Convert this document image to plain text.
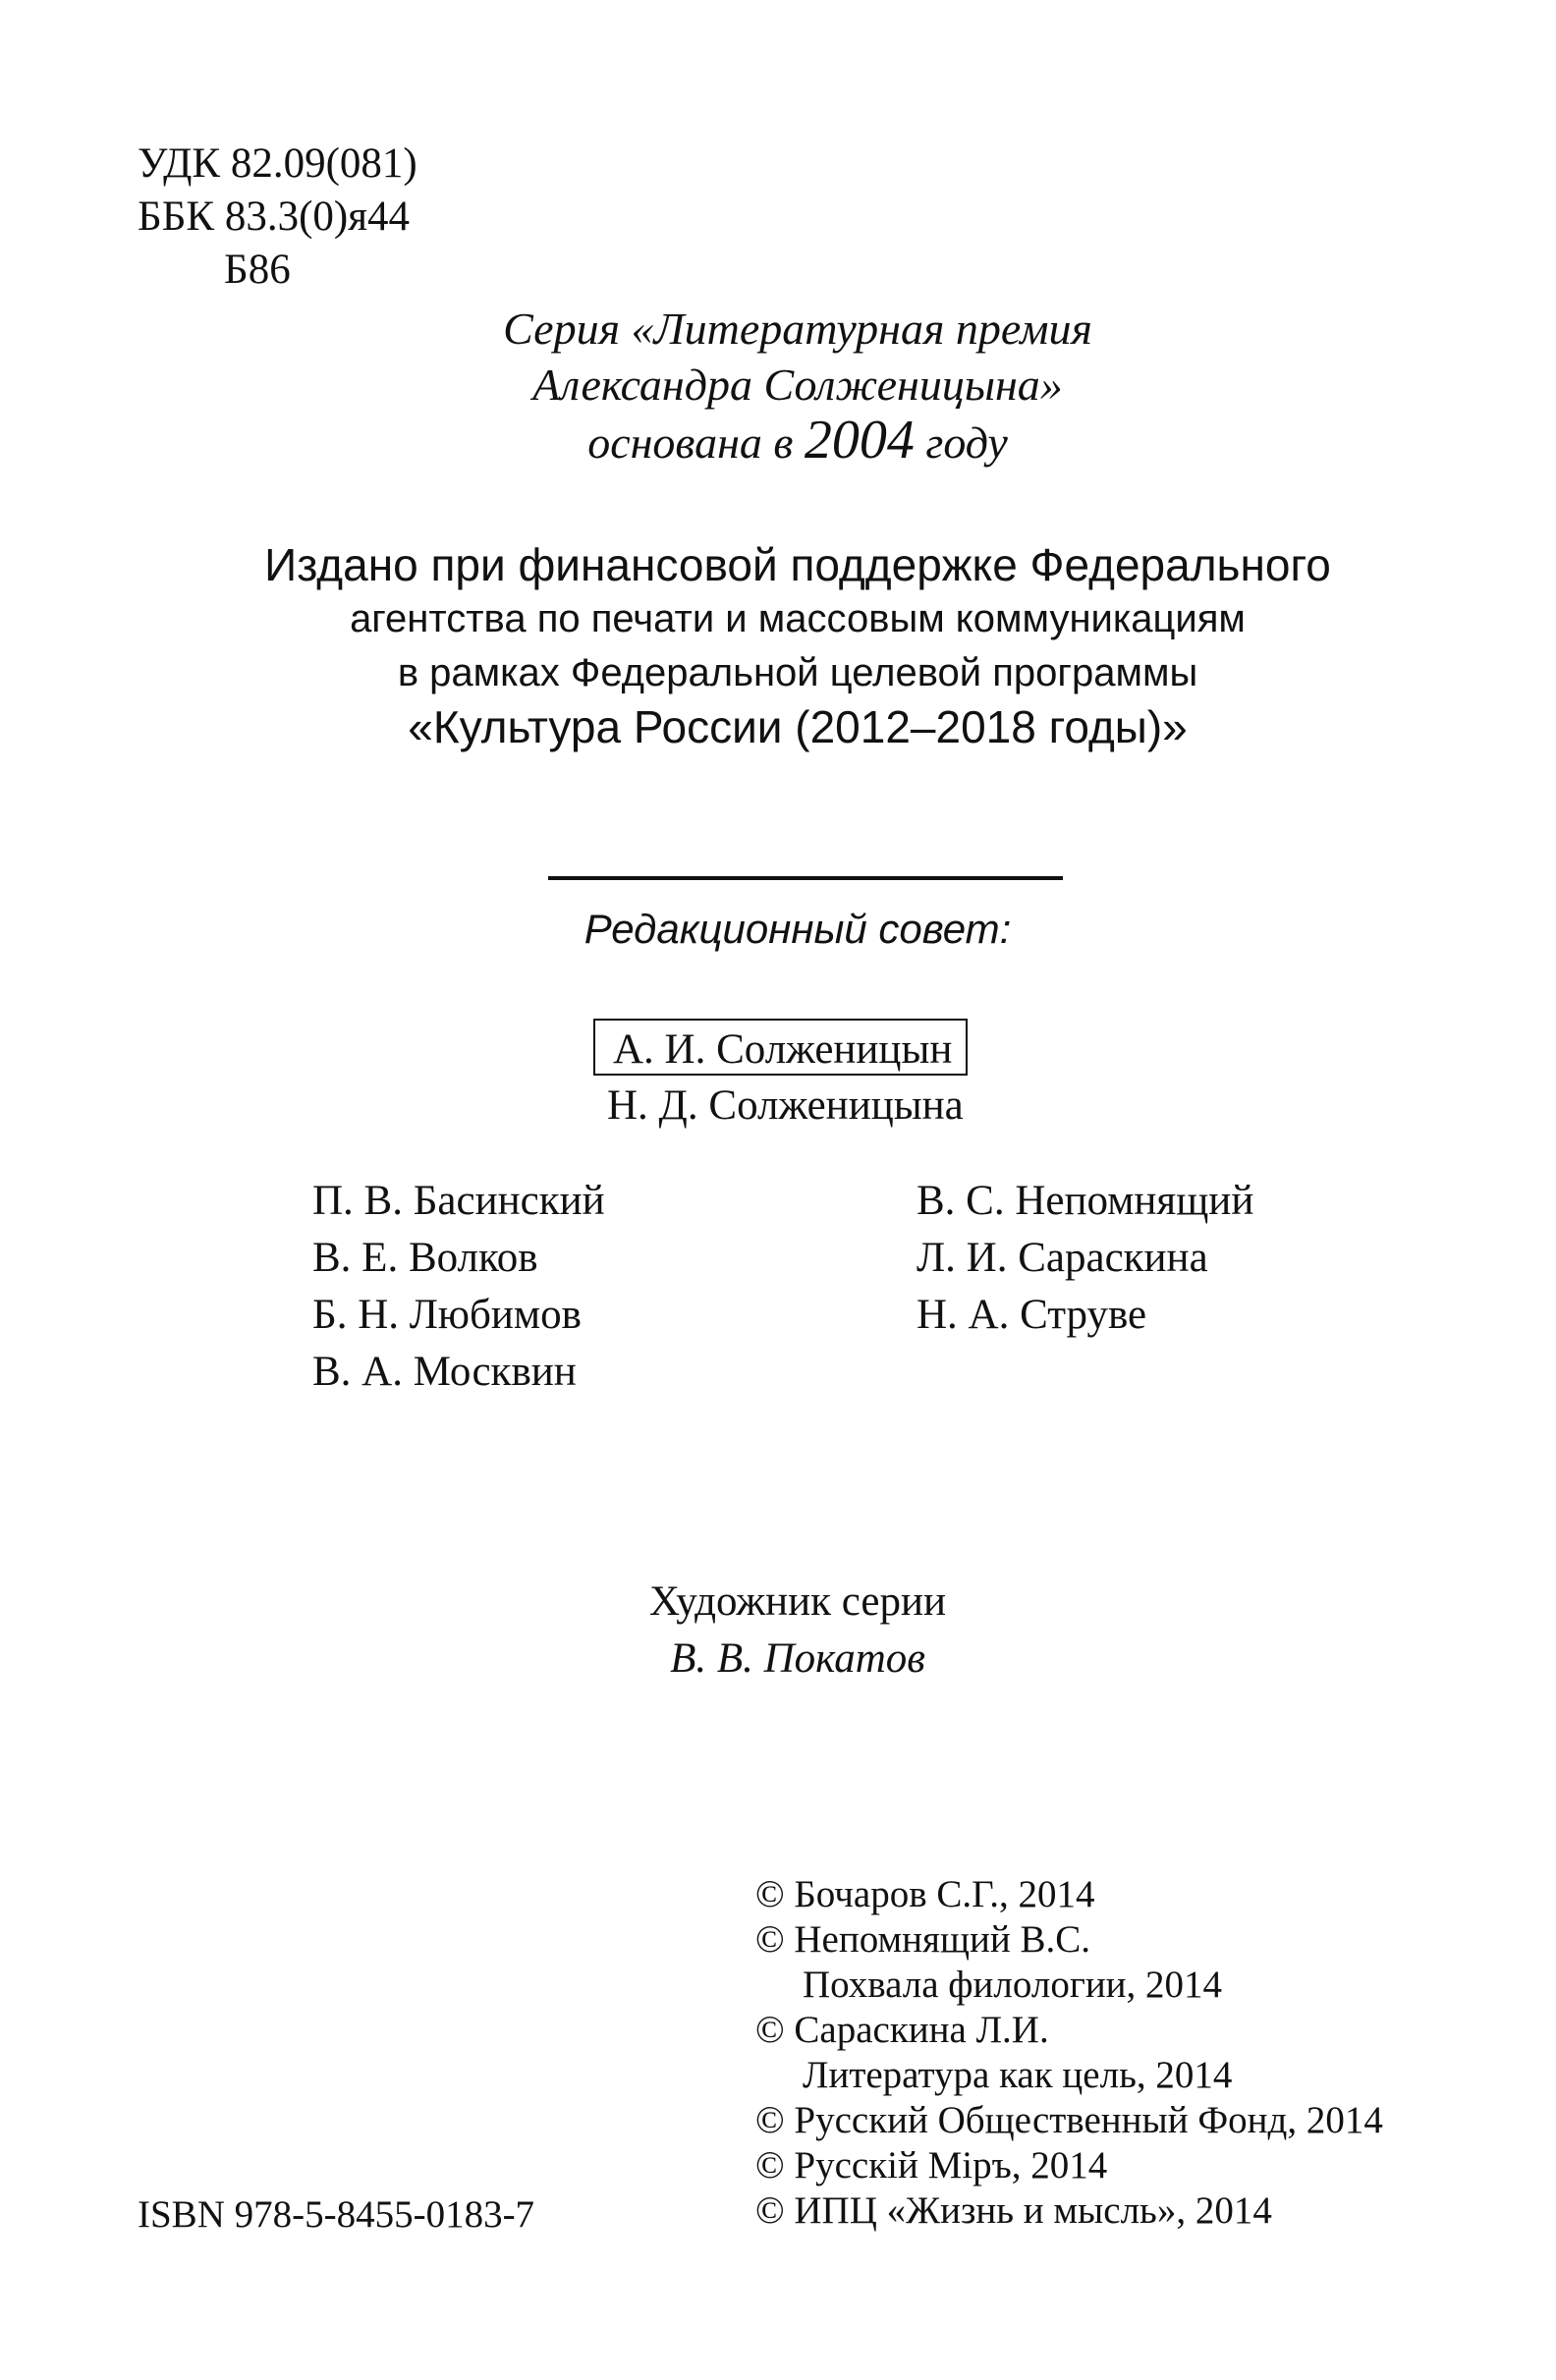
УДК 82.09(081)
ББК 83.3(0)я44
Б86
Серия «Литературная премия
Александра Солженицына»
основана в 2004 году
Издано при финансовой поддержке Федерального
агентства по печати и массовым коммуникациям
в рамках Федеральной целевой программы
«Культура России (2012–2018 годы)»
Редакционный совет:
А. И. Солженицын
Н. Д. Солженицына
П. В. Басинский
В. Е. Волков
Б. Н. Любимов
В. А. Москвин
В. С. Непомнящий
Л. И. Сараскина
Н. А. Струве
Художник серии
В. В. Покатов
© Бочаров С.Г., 2014
© Непомнящий В.С.
Похвала филологии, 2014
© Сараскина Л.И.
Литература как цель, 2014
© Русский Общественный Фонд, 2014
© Русскiй Мiръ, 2014
© ИПЦ «Жизнь и мысль», 2014
ISBN 978-5-8455-0183-7
